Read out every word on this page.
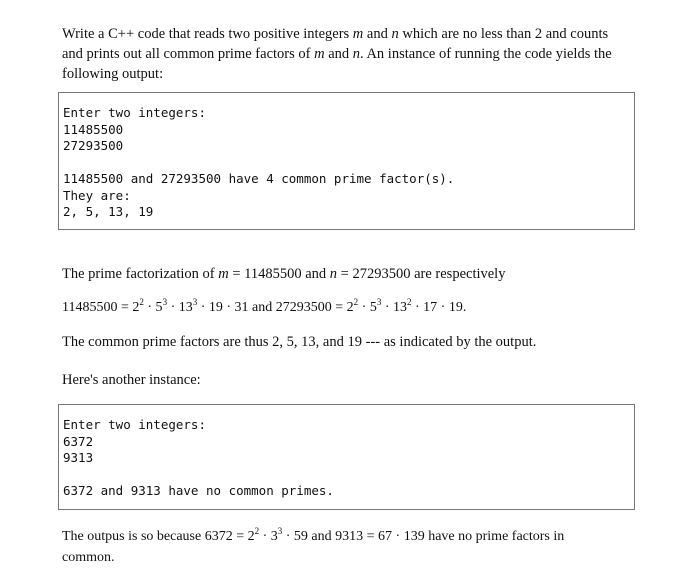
Write a C++ code that reads two positive integers m and n which are no less than 2 and counts
and prints out all common prime factors of m and n. An instance of running the code yields the
following output:

Enter two integers:
11485500
27293500
11485500 and 27293500 have 4 common prime factor(s).
They are:
2, 5, 13, 19

The prime factorization of m = 11485500 and n = 27293500 are respectively

$11485500 = 2^2 \cdot 5^3 \cdot 13^3 \cdot 19 \cdot 31$ and $27293500 = 2^2 \cdot 5^3 \cdot 13^2 \cdot 17 \cdot 19$.

The common prime factors are thus 2, 5, 13, and 19 --- as indicated by the output.

Here's another instance:

Enter two integers:
6372
9313
6372 and 9313 have no common primes.

The outpus is so because $6372 = 2^2 \cdot 3^3 \cdot 59$ and 9313 = 67 · 139 have no prime factors in
common.
